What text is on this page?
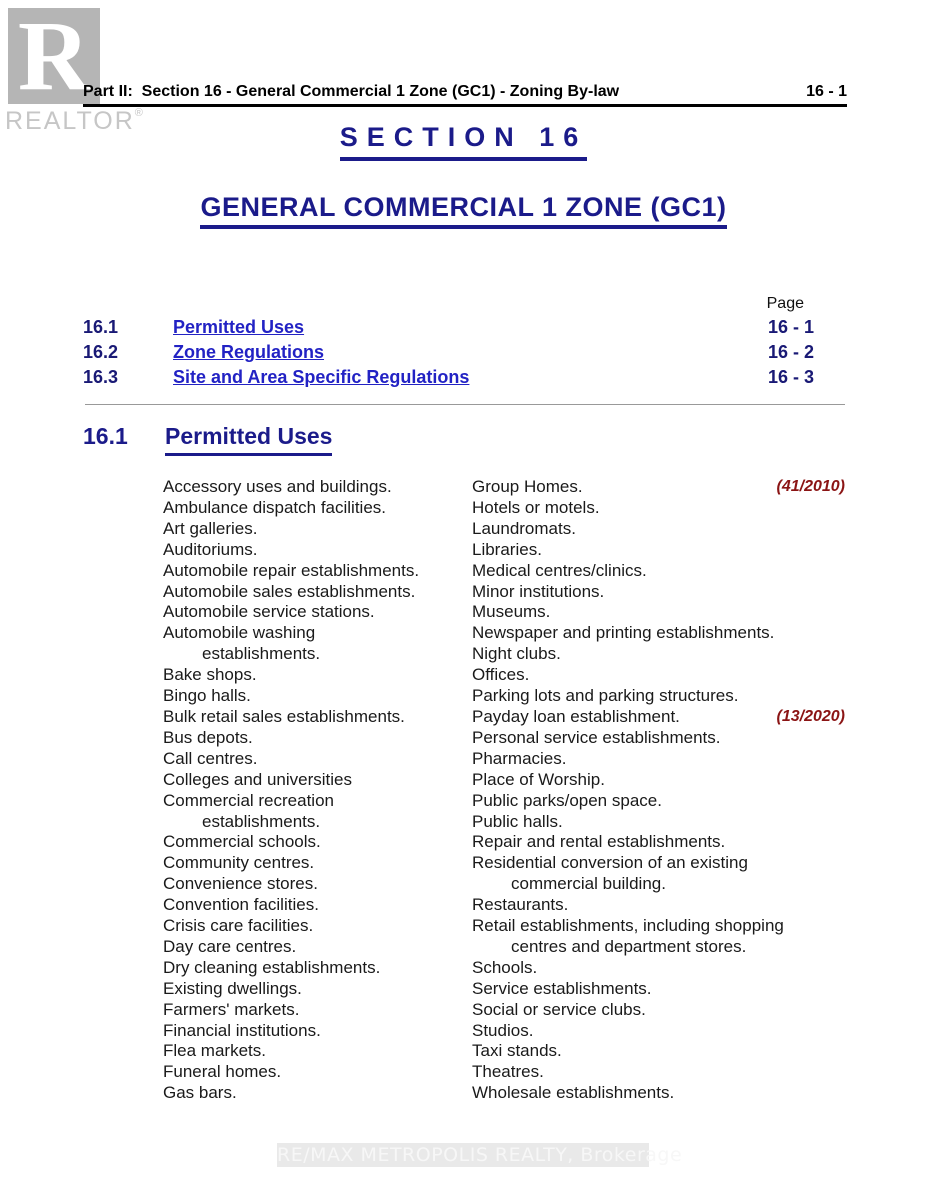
R
REALTOR®
Part II:  Section 16 - General Commercial 1 Zone (GC1) - Zoning By-law	16 - 1
SECTION 16
GENERAL COMMERCIAL 1 ZONE (GC1)
Page
16.1	Permitted Uses	16 - 1
16.2	Zone Regulations	16 - 2
16.3	Site and Area Specific Regulations	16 - 3
16.1 Permitted Uses
Accessory uses and buildings.
Ambulance dispatch facilities.
Art galleries.
Auditoriums.
Automobile repair establishments.
Automobile sales establishments.
Automobile service stations.
Automobile washing
establishments.
Bake shops.
Bingo halls.
Bulk retail sales establishments.
Bus depots.
Call centres.
Colleges and universities
Commercial recreation
establishments.
Commercial schools.
Community centres.
Convenience stores.
Convention facilities.
Crisis care facilities.
Day care centres.
Dry cleaning establishments.
Existing dwellings.
Farmers' markets.
Financial institutions.
Flea markets.
Funeral homes.
Gas bars.
Group Homes.	(41/2010)
Hotels or motels.
Laundromats.
Libraries.
Medical centres/clinics.
Minor institutions.
Museums.
Newspaper and printing establishments.
Night clubs.
Offices.
Parking lots and parking structures.
Payday loan establishment.	(13/2020)
Personal service establishments.
Pharmacies.
Place of Worship.
Public parks/open space.
Public halls.
Repair and rental establishments.
Residential conversion of an existing
commercial building.
Restaurants.
Retail establishments, including shopping
centres and department stores.
Schools.
Service establishments.
Social or service clubs.
Studios.
Taxi stands.
Theatres.
Wholesale establishments.
RE/MAX METROPOLIS REALTY, Brokerage
